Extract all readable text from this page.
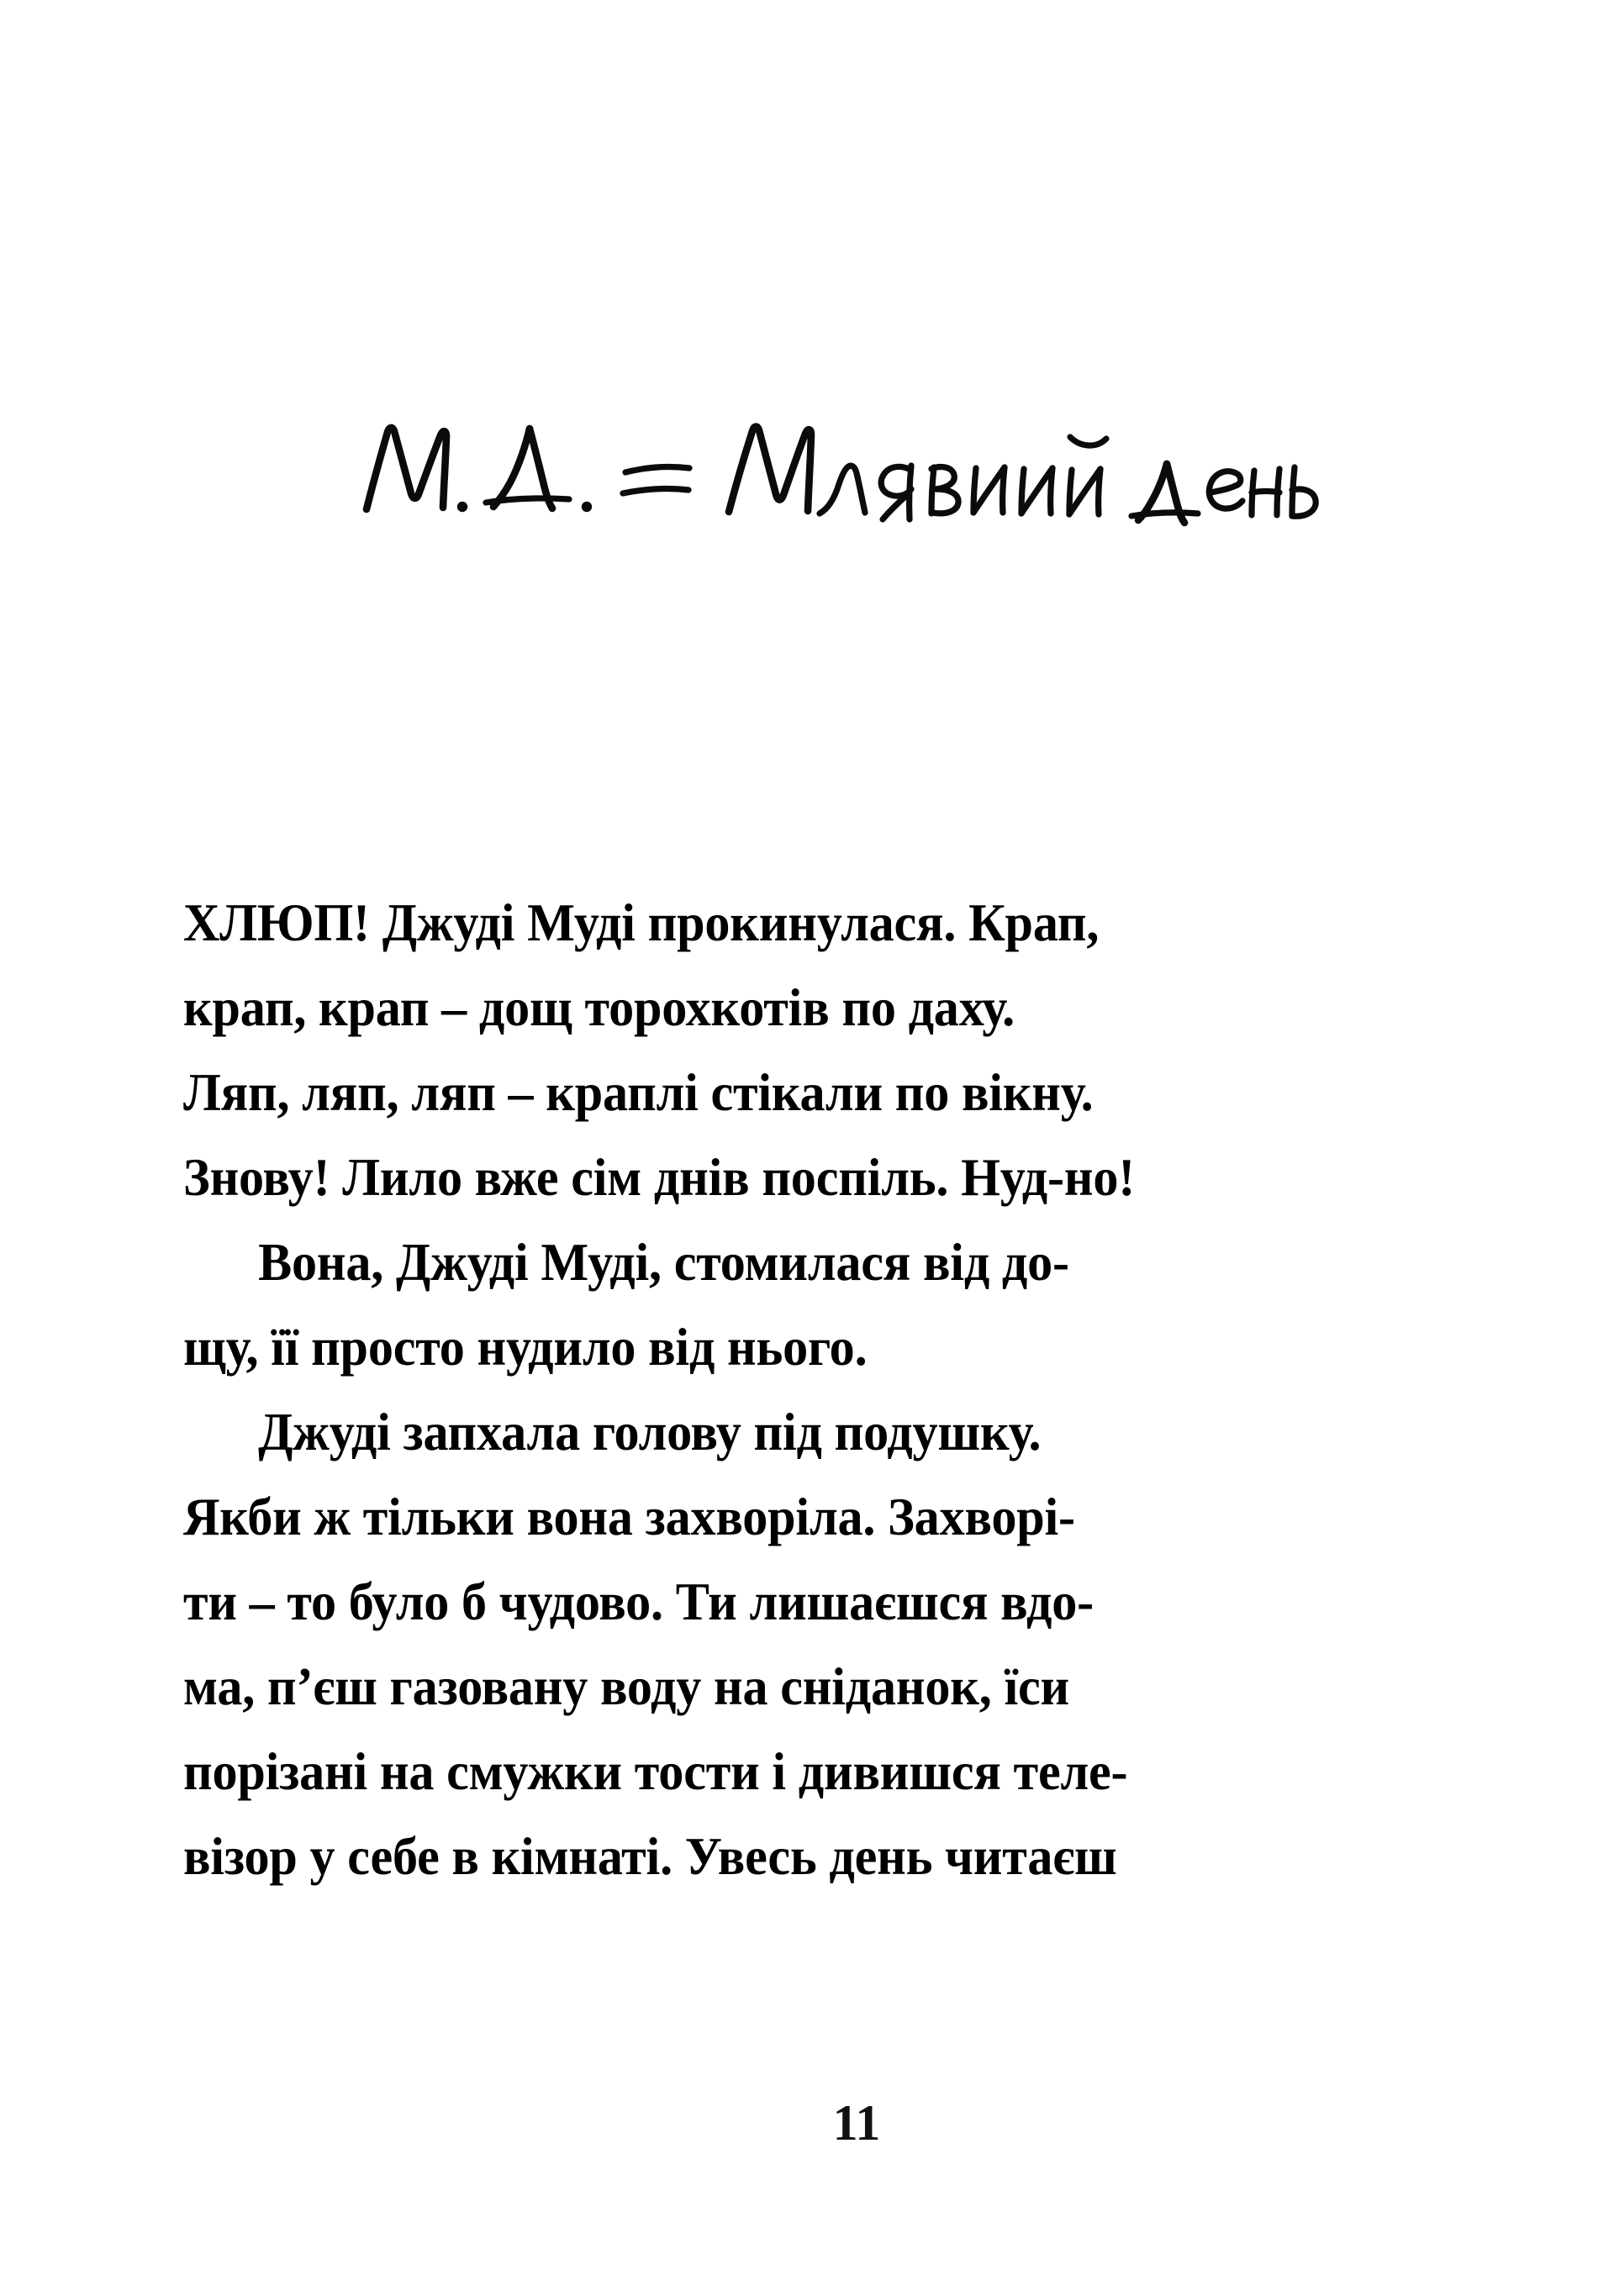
ХЛЮП! Джуді Муді прокинулася. Крап,
крап, крап – дощ торохкотів по даху.
Ляп, ляп, ляп – краплі стікали по вікну.
Знову! Лило вже сім днів поспіль. Нуд-но!
Вона, Джуді Муді, стомилася від до-
щу, її просто нудило від нього.
Джуді запхала голову під подушку.
Якби ж тільки вона захворіла. Захворі-
ти – то було б чудово. Ти лишаєшся вдо-
ма, п’єш газовану воду на сніданок, їси
порізані на смужки тости і дивишся теле-
візор у себе в кімнаті. Увесь день читаєш
11
